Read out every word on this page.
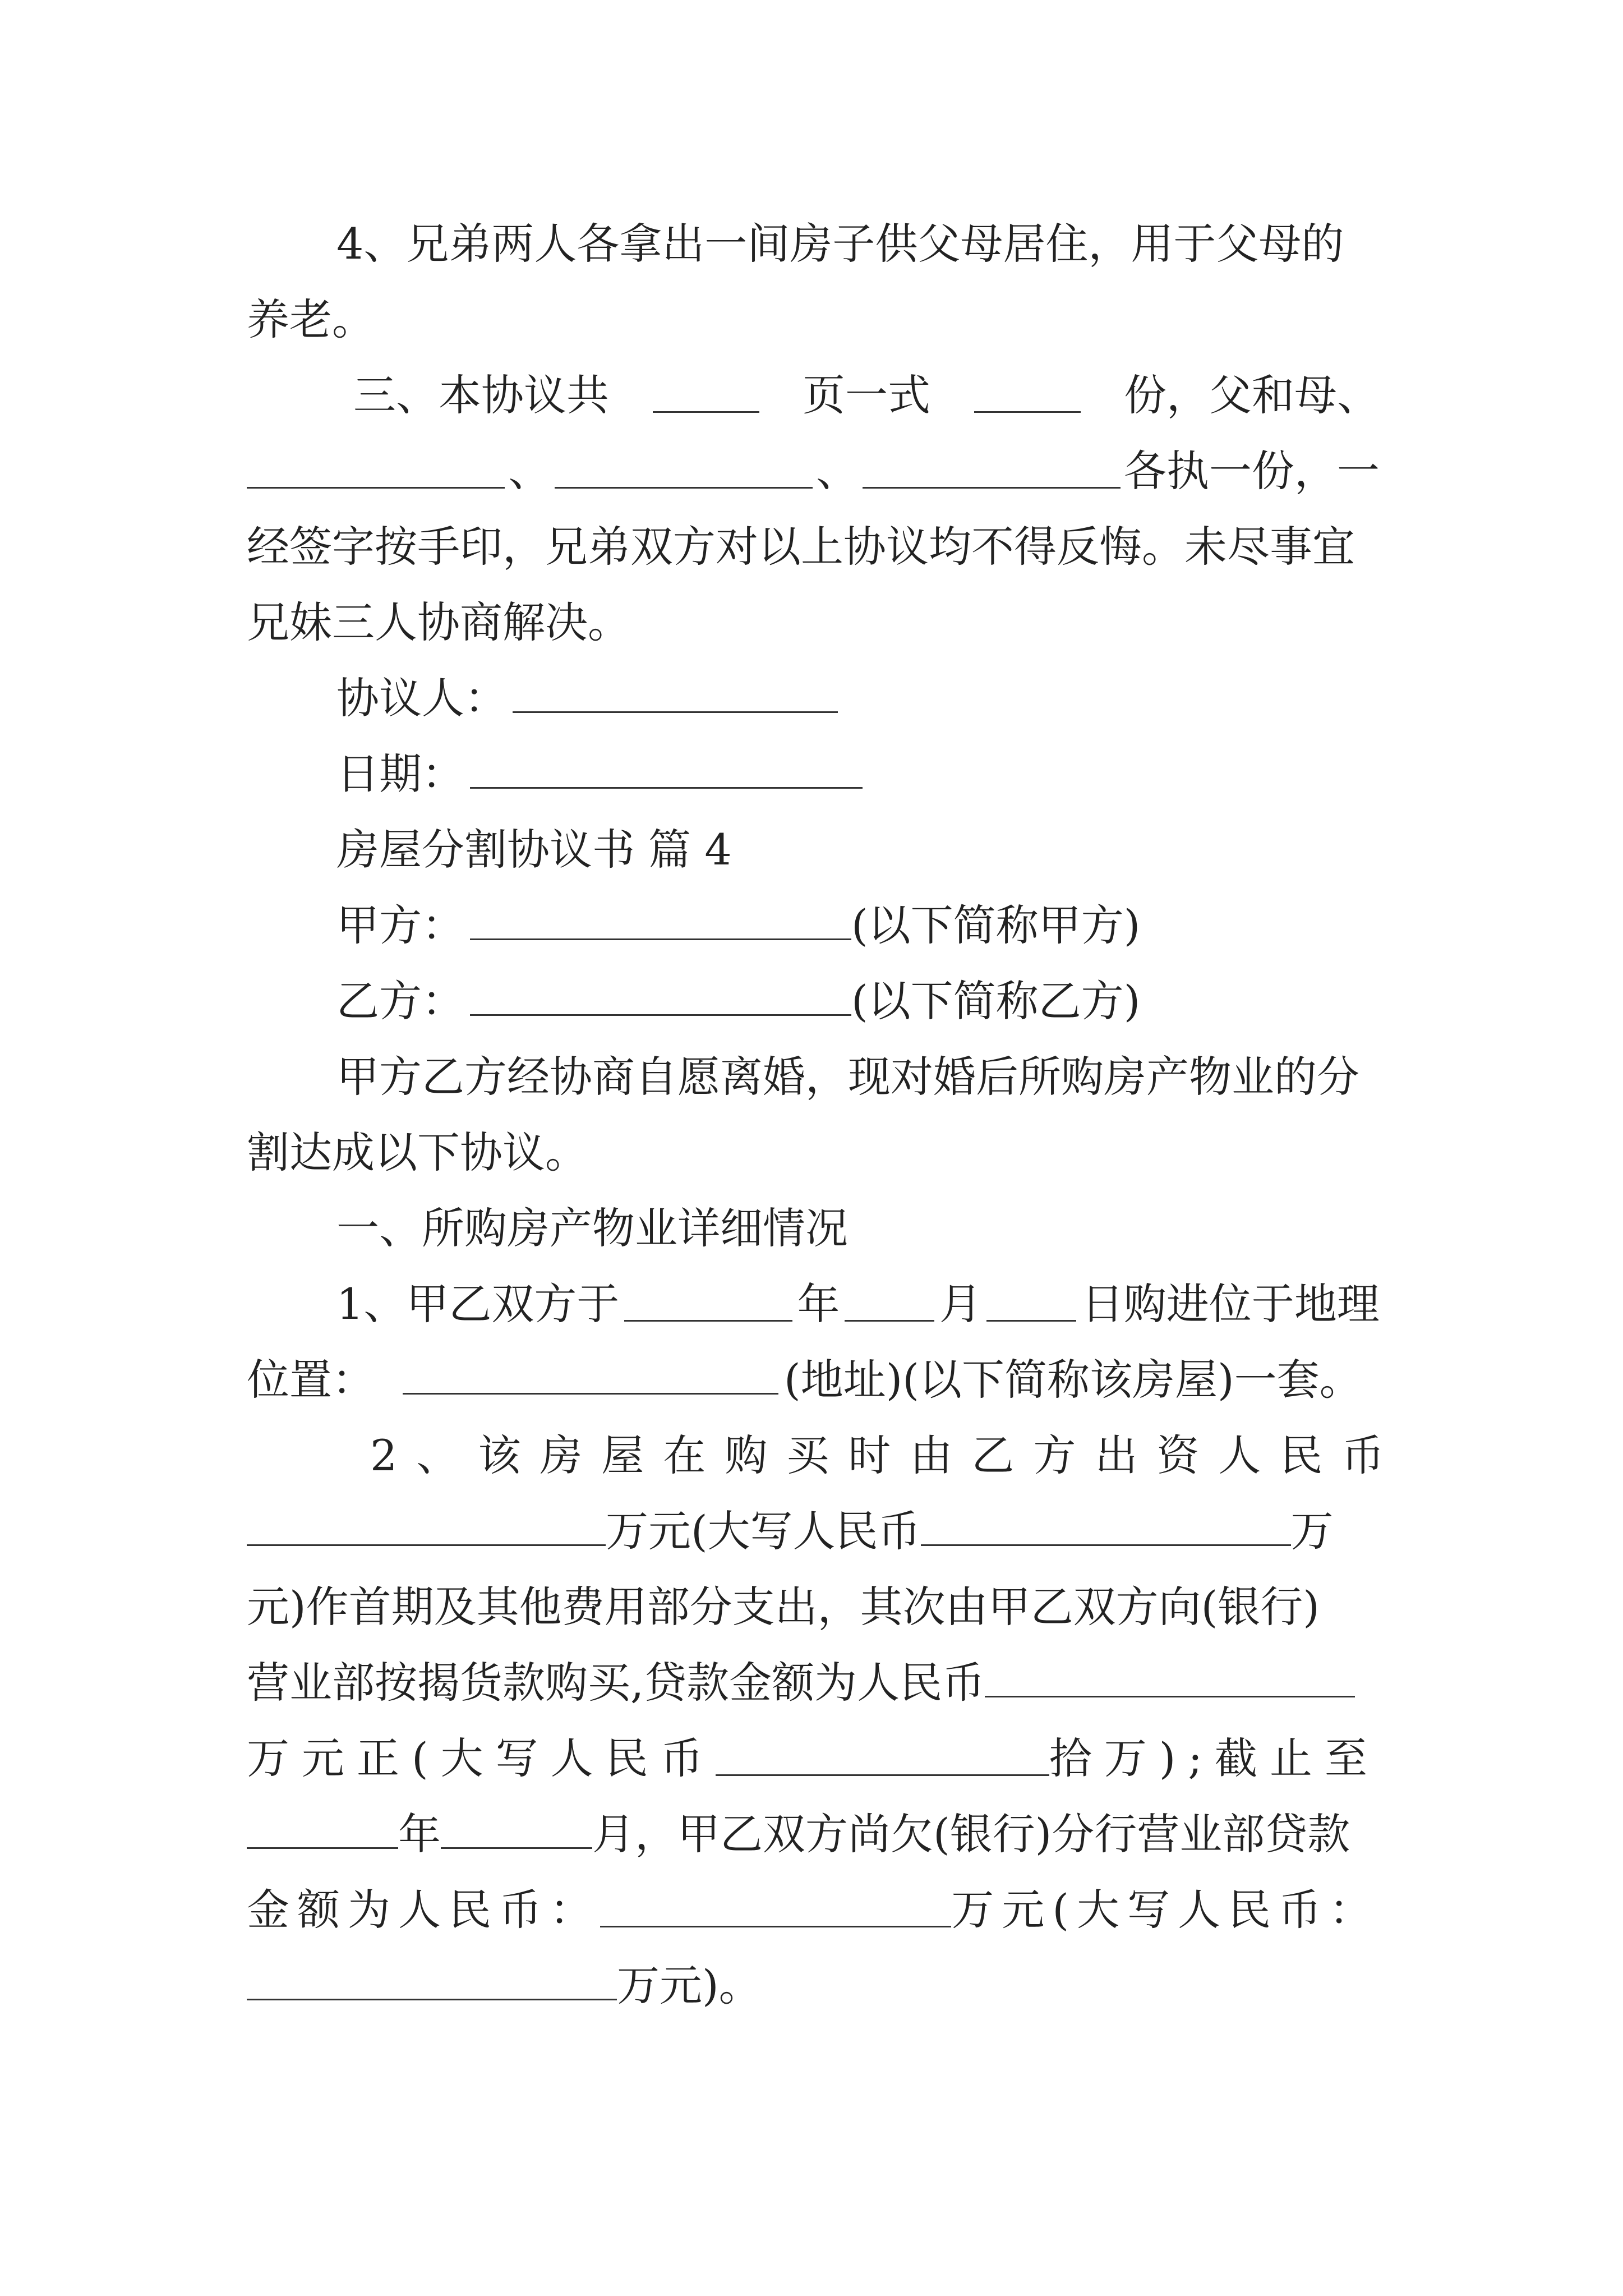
4、兄弟两人各拿出一间房子供父母居住，用于父母的
养老。
三、本协议共	页一式	份，父和母、
、	、	各执一份，一
经签字按手印，兄弟双方对以上协议均不得反悔。未尽事宜
兄妹三人协商解决。
协议人：
日期：
房屋分割协议书 篇 4
甲方：	(以下简称甲方)
乙方：	(以下简称乙方)
甲方乙方经协商自愿离婚，现对婚后所购房产物业的分
割达成以下协议。
一、所购房产物业详细情况
1、甲乙双方于	年 月 日购进位于地理
位置：	(地址)(以下简称该房屋)一套。
2、该房屋在购买时由乙方出资人民币
万元(大写人民币	万
元)作首期及其他费用部分支出，其次由甲乙双方向(银行)
营业部按揭货款购买,贷款金额为人民币
万元正(大写人民币	拾万);截止至
年	月，甲乙双方尚欠(银行)分行营业部贷款
金额为人民币：	万元(大写人民币：
万元)。
